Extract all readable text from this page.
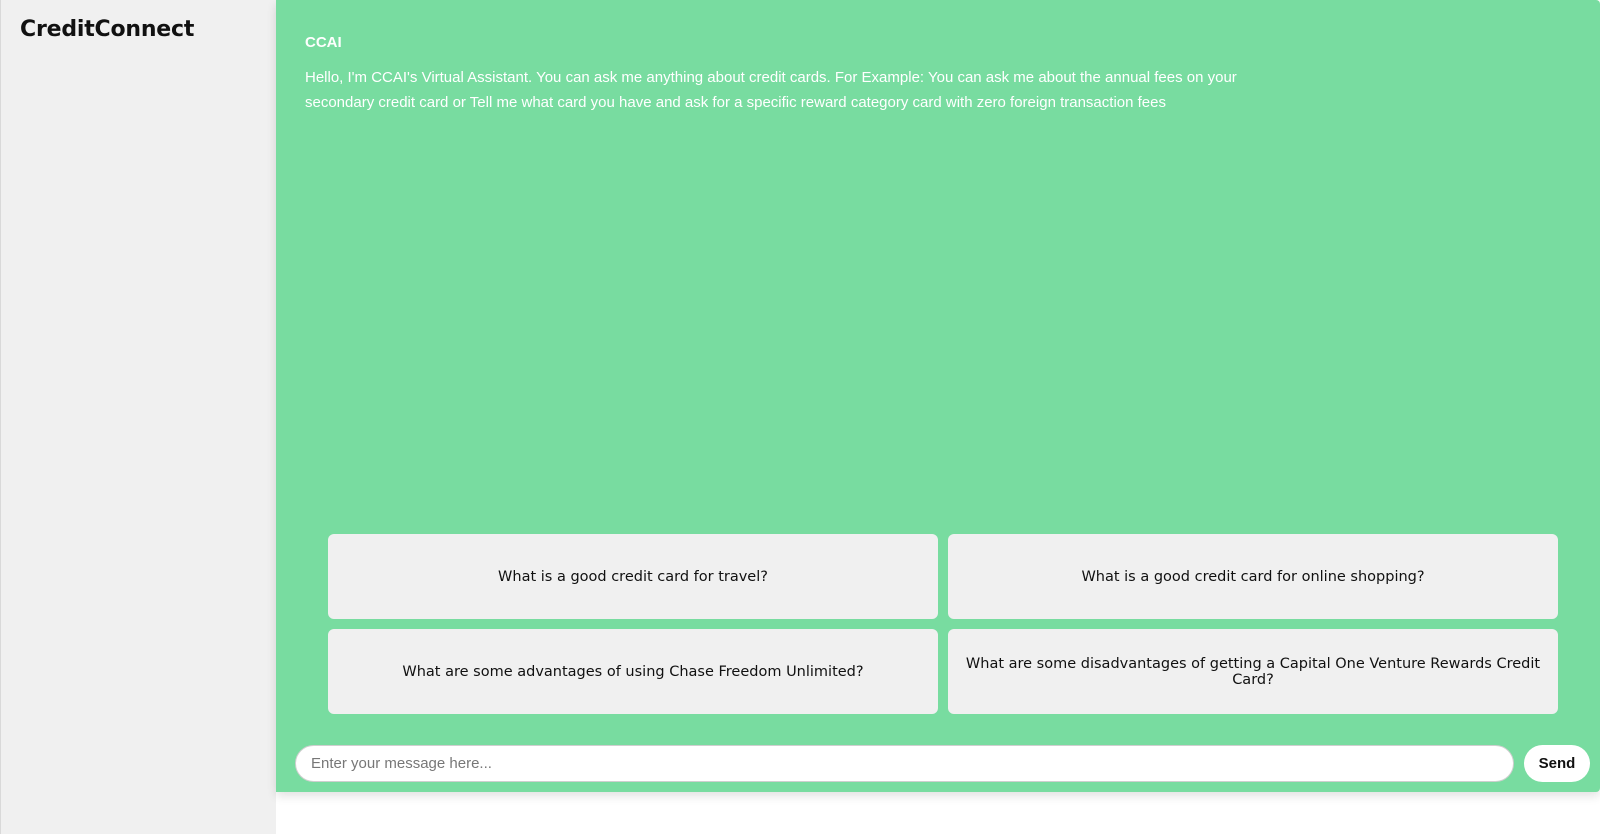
CreditConnect
CCAI
Hello, I'm CCAI's Virtual Assistant. You can ask me anything about credit cards. For Example: You can ask me about the annual fees on your secondary credit card or Tell me what card you have and ask for a specific reward category card with zero foreign transaction fees
What is a good credit card for travel?	What is a good credit card for online shopping?
What are some advantages of using Chase Freedom Unlimited?	What are some disadvantages of getting a Capital One Venture Rewards Credit Card?
Enter your message here...
Send
